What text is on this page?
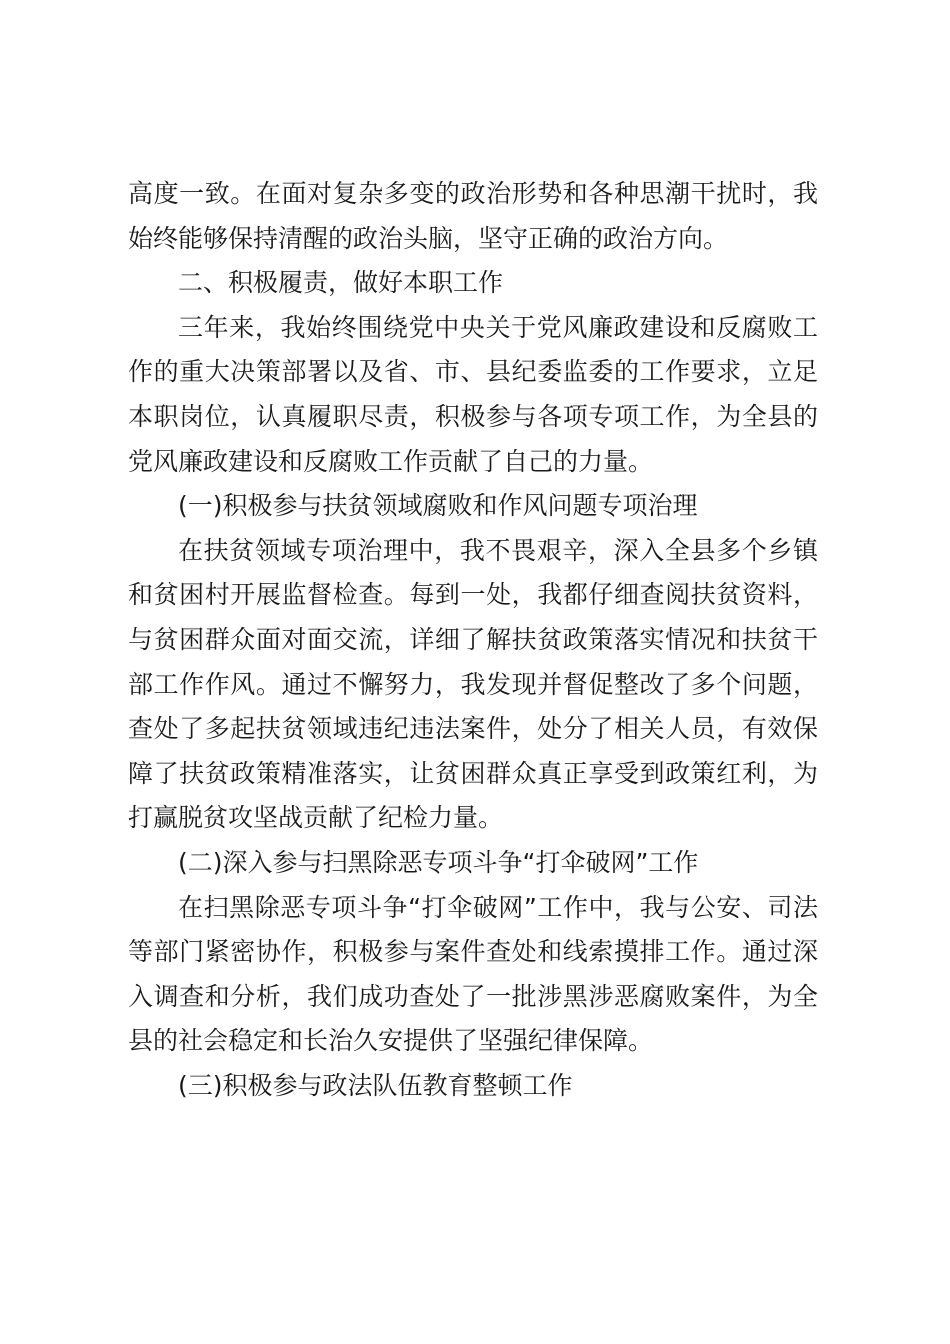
高度一致。在面对复杂多变的政治形势和各种思潮干扰时，我始终能够保持清醒的政治头脑，坚守正确的政治方向。

二、积极履责，做好本职工作

三年来，我始终围绕党中央关于党风廉政建设和反腐败工作的重大决策部署以及省、市、县纪委监委的工作要求，立足本职岗位，认真履职尽责，积极参与各项专项工作，为全县的党风廉政建设和反腐败工作贡献了自己的力量。

(一)积极参与扶贫领域腐败和作风问题专项治理

在扶贫领域专项治理中，我不畏艰辛，深入全县多个乡镇和贫困村开展监督检查。每到一处，我都仔细查阅扶贫资料，与贫困群众面对面交流，详细了解扶贫政策落实情况和扶贫干部工作作风。通过不懈努力，我发现并督促整改了多个问题，查处了多起扶贫领域违纪违法案件，处分了相关人员，有效保障了扶贫政策精准落实，让贫困群众真正享受到政策红利，为打赢脱贫攻坚战贡献了纪检力量。

(二)深入参与扫黑除恶专项斗争“打伞破网”工作

在扫黑除恶专项斗争“打伞破网”工作中，我与公安、司法等部门紧密协作，积极参与案件查处和线索摸排工作。通过深入调查和分析，我们成功查处了一批涉黑涉恶腐败案件，为全县的社会稳定和长治久安提供了坚强纪律保障。

(三)积极参与政法队伍教育整顿工作
